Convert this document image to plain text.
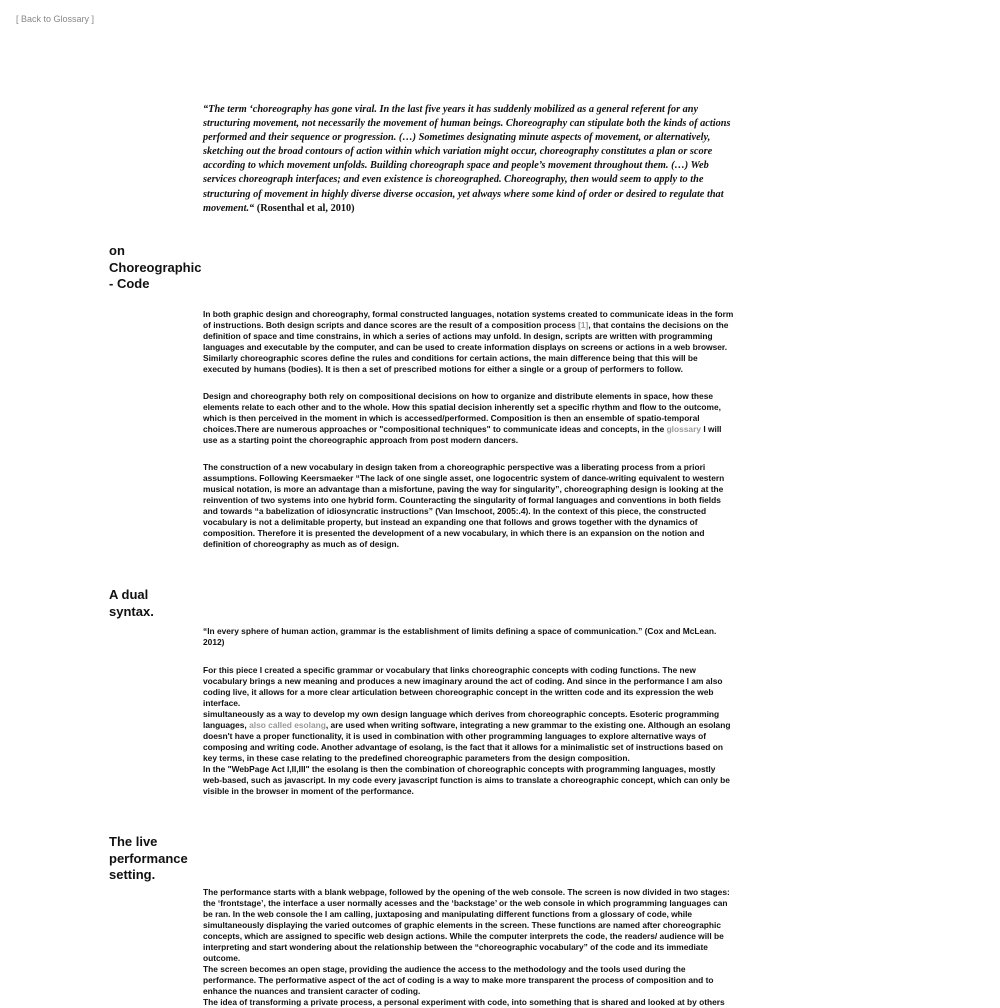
[ Back to Glossary ]

“The term ‘choreography has gone viral. In the last five years it has suddenly mobilized as a general referent for any structuring movement, not necessarily the movement of human beings. Choreography can stipulate both the kinds of actions performed and their sequence or progression. (…) Sometimes designating minute aspects of movement, or alternatively, sketching out the broad contours of action within which variation might occur, choreography constitutes a plan or score according to which movement unfolds. Building choreograph space and people’s movement throughout them. (…) Web services choreograph interfaces; and even existence is choreographed. Choreography, then would seem to apply to the structuring of movement in highly diverse diverse occasion, yet always where some kind of order or desired to regulate that movement.“ (Rosenthal et al, 2010)

on
Choreographic
- Code

In both graphic design and choreography, formal constructed languages, notation systems created to communicate ideas in the form of instructions. Both design scripts and dance scores are the result of a composition process [1], that contains the decisions on the definition of space and time constrains, in which a series of actions may unfold. In design, scripts are written with programming languages and executable by the computer, and can be used to create information displays on screens or actions in a web browser. Similarly choreographic scores define the rules and conditions for certain actions, the main difference being that this will be executed by humans (bodies). It is then a set of prescribed motions for either a single or a group of performers to follow.

Design and choreography both rely on compositional decisions on how to organize and distribute elements in space, how these elements relate to each other and to the whole. How this spatial decision inherently set a specific rhythm and flow to the outcome, which is then perceived in the moment in which is accessed/performed. Composition is then an ensemble of spatio-temporal choices.There are numerous approaches or "compositional techniques" to communicate ideas and concepts, in the glossary I will use as a starting point the choreographic approach from post modern dancers.

The construction of a new vocabulary in design taken from a choreographic perspective was a liberating process from a priori assumptions. Following Keersmaeker “The lack of one single asset, one logocentric system of dance-writing equivalent to western musical notation, is more an advantage than a misfortune, paving the way for singularity”, choreographing design is looking at the reinvention of two systems into one hybrid form. Counteracting the singularity of formal languages and conventions in both fields and towards “a babelization of idiosyncratic instructions” (Van Imschoot, 2005:.4). In the context of this piece, the constructed vocabulary is not a delimitable property, but instead an expanding one that follows and grows together with the dynamics of composition. Therefore it is presented the development of a new vocabulary, in which there is an expansion on the notion and definition of choreography as much as of design.

A dual
syntax.

“In every sphere of human action, grammar is the establishment of limits defining a space of communication.” (Cox and McLean. 2012)

For this piece I created a specific grammar or vocabulary that links choreographic concepts with coding functions. The new vocabulary brings a new meaning and produces a new imaginary around the act of coding. And since in the performance I am also coding live, it allows for a more clear articulation between choreographic concept in the written code and its expression the web interface.
simultaneously as a way to develop my own design language which derives from choreographic concepts. Esoteric programming languages, also called esolang, are used when writing software, integrating a new grammar to the existing one. Although an esolang doesn't have a proper functionality, it is used in combination with other programming languages to explore alternative ways of composing and writing code. Another advantage of esolang, is the fact that it allows for a minimalistic set of instructions based on key terms, in these case relating to the predefined choreographic parameters from the design composition.
In the "WebPage Act I,II,III" the esolang is then the combination of choreographic concepts with programming languages, mostly web-based, such as javascript. In my code every javascript function is aims to translate a choreographic concept, which can only be visible in the browser in moment of the performance.

The live
performance
setting.

The performance starts with a blank webpage, followed by the opening of the web console. The screen is now divided in two stages: the ‘frontstage’, the interface a user normally acesses and the ‘backstage’ or the web console in which programming languages can be ran. In the web console the I am calling, juxtaposing and manipulating different functions from a glossary of code, while simultaneously displaying the varied outcomes of graphic elements in the screen. These functions are named after choreographic concepts, which are assigned to specific web design actions. While the computer interprets the code, the readers/ audience will be interpreting and start wondering about the relationship between the “choreographic vocabulary” of the code and its immediate outcome.
The screen becomes an open stage, providing the audience the access to the methodology and the tools used during the performance. The performative aspect of the act of coding is a way to make more transparent the process of composition and to enhance the nuances and transient caracter of coding.
The idea of transforming a private process, a personal experiment with code, into something that is shared and looked at by others
